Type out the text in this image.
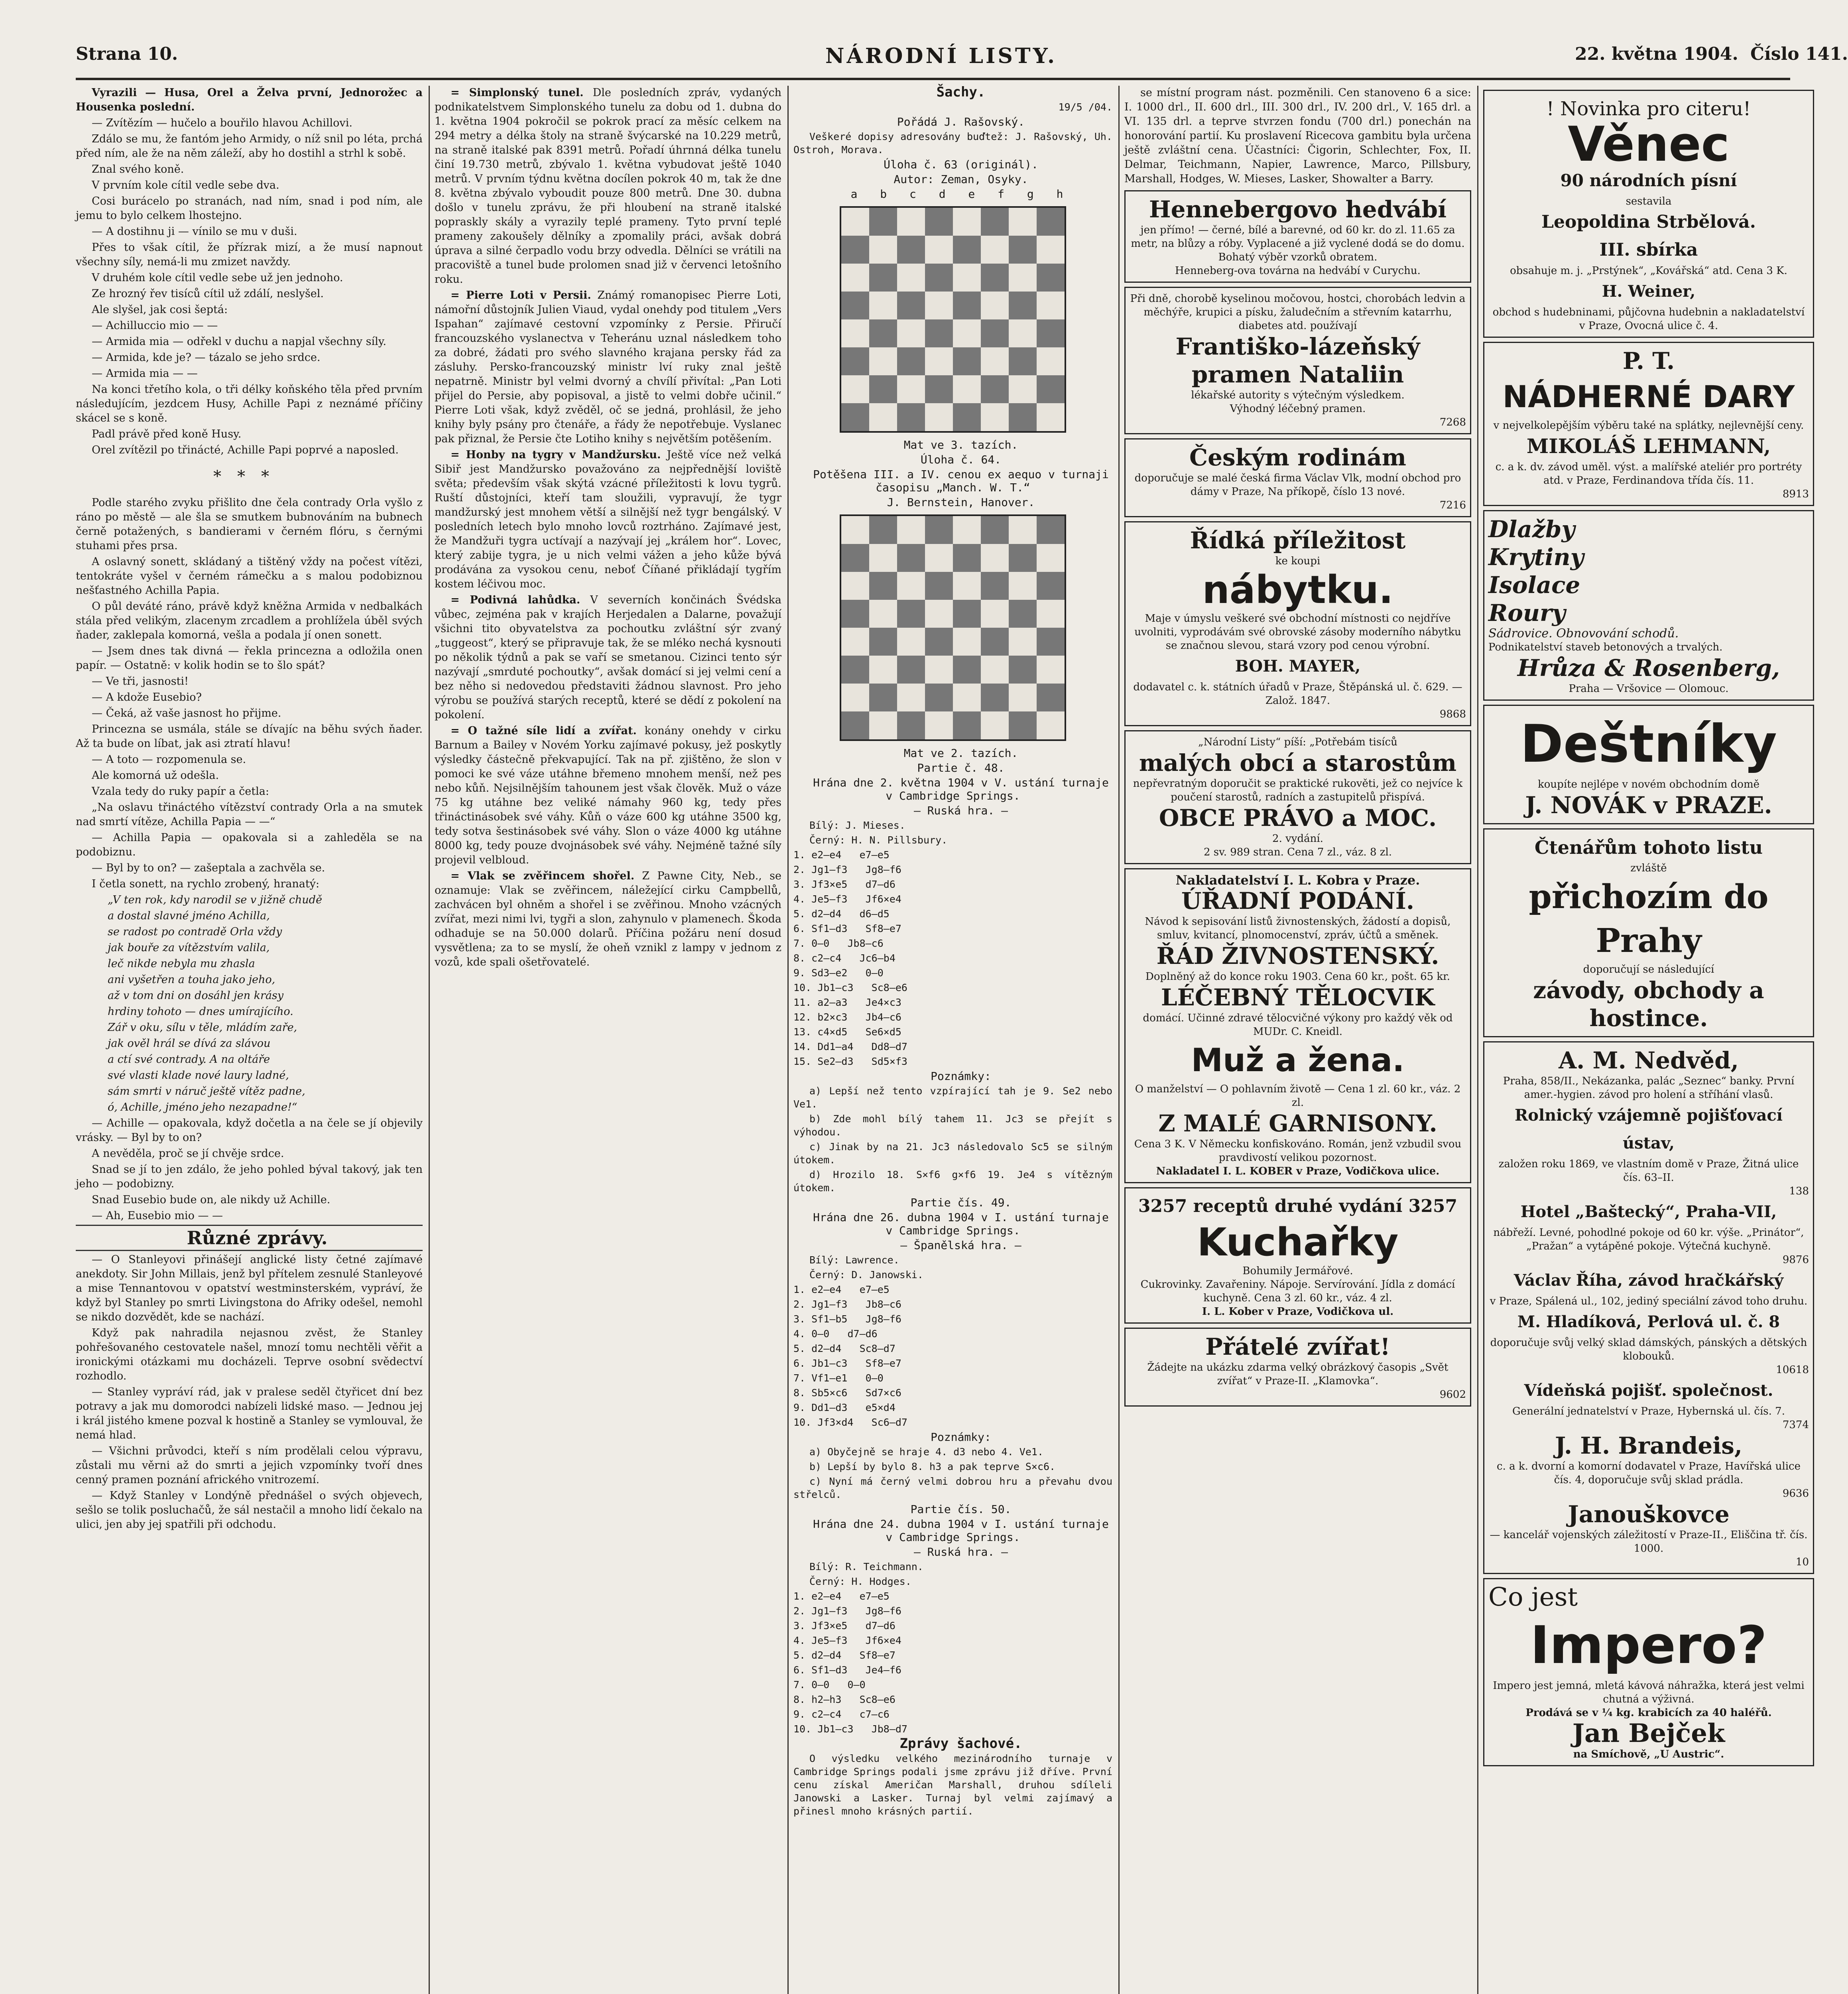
Strana 10.	NÁRODNÍ LISTY.	22. května 1904. Číslo 141.

Vyrazili — Husa, Orel a Želva první, Jednorožec a Housenka poslední.

— Zvítězím — hučelo a bouřilo hlavou Achillovi.

Zdálo se mu, že fantóm jeho Armidy, o níž snil po léta, prchá před ním, ale že na něm záleží, aby ho dostihl a strhl k sobě.

Znal svého koně.

V prvním kole cítil vedle sebe dva.

Cosi burácelo po stranách, nad ním, snad i pod ním, ale jemu to bylo celkem lhostejno.

— A dostihnu ji — vínilo se mu v duši.

Přes to však cítil, že přízrak mizí, a že musí napnout všechny síly, nemá-li mu zmizet navždy.

V druhém kole cítil vedle sebe už jen jednoho.

Ze hrozný řev tisíců cítil už zdálí, neslyšel.

Ale slyšel, jak cosi šeptá:

— Achilluccio mio — —

— Armida mia — odřekl v duchu a napjal všechny síly.

— Armida, kde je? — tázalo se jeho srdce.

— Armida mia — —

Na konci třetího kola, o tři délky koňského těla před prvním následujícím, jezdcem Husy, Achille Papi z neznámé příčiny skácel se s koně.

Padl právě před koně Husy.

Orel zvítězil po třinácté, Achille Papi poprvé a naposled.

***

Podle starého zvyku přišlito dne čela contrady Orla vyšlo z ráno po městě — ale šla se smutkem bubnováním na bubnech černě potažených, s bandierami v černém flóru, s černými stuhami přes prsa.

A oslavný sonett, skládaný a tištěný vždy na počest vítězi, tentokráte vyšel v černém rámečku a s malou podobiznou nešťastného Achilla Papia.

O půl deváté ráno, právě když kněžna Armida v nedbalkách stála před velikým, zlacenym zrcadlem a prohlížela úběl svých ňader, zaklepala komorná, vešla a podala jí onen sonett.

— Jsem dnes tak divná — řekla princezna a odložila onen papír. — Ostatně: v kolik hodin se to šlo spát?

— Ve tři, jasnosti!

— A kdože Eusebio?

— Čeká, až vaše jasnost ho přijme.

Princezna se usmála, stále se dívajíc na běhu svých ňader. Až ta bude on líbat, jak asi ztratí hlavu!

— A toto — rozpomenula se.

Ale komorná už odešla.

Vzala tedy do ruky papír a četla:

„Na oslavu třináctého vítězství contrady Orla a na smutek nad smrtí vítěze, Achilla Papia — —“

— Achilla Papia — opakovala si a zahleděla se na podobiznu.

— Byl by to on? — zašeptala a zachvěla se.

I četla sonett, na rychlo zrobený, hranatý:

„V ten rok, kdy narodil se v jižně chudě

a dostal slavné jméno Achilla,

se radost po contradě Orla vždy

jak bouře za vítězstvím valila,

leč nikde nebyla mu zhasla

ani vyšetřen a touha jako jeho,

až v tom dni on dosáhl jen krásy

hrdiny tohoto — dnes umírajícího.

Zář v oku, sílu v těle, mládím zaře,

jak ověl hrál se dívá za slávou

a ctí své contrady. A na oltáře

své vlasti klade nové laury ladné,

sám smrti v náruč ještě vítěz padne,

ó, Achille, jméno jeho nezapadne!“

— Achille — opakovala, když dočetla a na čele se jí objevily vrásky. — Byl by to on?

A nevěděla, proč se jí chvěje srdce.

Snad se jí to jen zdálo, že jeho pohled býval takový, jak ten jeho — podobizny.

Snad Eusebio bude on, ale nikdy už Achille.

— Ah, Eusebio mio — —

Různé zprávy.

— O Stanleyovi přinášejí anglické listy četné zajímavé anekdoty. Sir John Millais, jenž byl přítelem zesnulé Stanleyové a mise Tennantovou v opatství westminsterském, vypráví, že když byl Stanley po smrti Livingstona do Afriky odešel, nemohl se nikdo dozvědět, kde se nachází.

Když pak nahradila nejasnou zvěst, že Stanley pohřešovaného cestovatele našel, mnozí tomu nechtěli věřit a ironickými otázkami mu docházeli. Teprve osobní svědectví rozhodlo.

— Stanley vypráví rád, jak v pralese seděl čtyřicet dní bez potravy a jak mu domorodci nabízeli lidské maso. — Jednou jej i král jistého kmene pozval k hostině a Stanley se vymlouval, že nemá hlad.

— Všichni průvodci, kteří s ním prodělali celou výpravu, zůstali mu věrni až do smrti a jejich vzpomínky tvoří dnes cenný pramen poznání afrického vnitrozemí.

— Když Stanley v Londýně přednášel o svých objevech, sešlo se tolik posluchačů, že sál nestačil a mnoho lidí čekalo na ulici, jen aby jej spatřili při odchodu.

= Simplonský tunel. Dle posledních zpráv, vydaných podnikatelstvem Simplonského tunelu za dobu od 1. dubna do 1. května 1904 pokročil se pokrok prací za měsíc celkem na 294 metry a délka štoly na straně švýcarské na 10.229 metrů, na straně italské pak 8391 metrů. Pořadí úhrnná délka tunelu činí 19.730 metrů, zbývalo 1. května vybudovat ještě 1040 metrů. V prvním týdnu května docílen pokrok 40 m, tak že dne 8. května zbývalo vyboudit pouze 800 metrů. Dne 30. dubna došlo v tunelu zprávu, že při hloubení na straně italské popraskly skály a vyrazily teplé prameny. Tyto první teplé prameny zakoušely dělníky a zpomalily práci, avšak dobrá úprava a silné čerpadlo vodu brzy odvedla. Dělníci se vrátili na pracoviště a tunel bude prolomen snad již v červenci letošního roku.

= Pierre Loti v Persii. Známý romanopisec Pierre Loti, námořní důstojník Julien Viaud, vydal onehdy pod titulem „Vers Ispahan“ zajímavé cestovní vzpomínky z Persie. Přiručí francouzského vyslanectva v Teheránu uznal následkem toho za dobré, žádati pro svého slavného krajana persky řád za zásluhy. Persko-francouzský ministr lví ruky znal ještě nepatrně. Ministr byl velmi dvorný a chvílí přivítal: „Pan Loti přijel do Persie, aby popisoval, a jistě to velmi dobře učinil.“ Pierre Loti však, když zvěděl, oč se jedná, prohlásil, že jeho knihy byly psány pro čtenáře, a řády že nepotřebuje. Vyslanec pak přiznal, že Persie čte Lotiho knihy s největším potěšením.

= Honby na tygry v Mandžursku. Ještě více než velká Sibiř jest Mandžursko považováno za nejpřednější loviště světa; především však skýtá vzácné příležitosti k lovu tygrů. Ruští důstojníci, kteří tam sloužili, vypravují, že tygr mandžurský jest mnohem větší a silnější než tygr bengálský. V posledních letech bylo mnoho lovců roztrháno. Zajímavé jest, že Mandžuři tygra uctívají a nazývají jej „králem hor“. Lovec, který zabije tygra, je u nich velmi vážen a jeho kůže bývá prodávána za vysokou cenu, neboť Číňané přikládají tygřím kostem léčivou moc.

= Podivná lahůdka. V severních končinách Švédska vůbec, zejména pak v krajích Herjedalen a Dalarne, považují všichni tito obyvatelstva za pochoutku zvláštní sýr zvaný „tuggeost“, který se připravuje tak, že se mléko nechá kysnouti po několik týdnů a pak se vaří se smetanou. Cizinci tento sýr nazývají „smrduté pochoutky“, avšak domácí si jej velmi cení a bez něho si nedovedou představiti žádnou slavnost. Pro jeho výrobu se používá starých receptů, které se dědí z pokolení na pokolení.

= O tažné síle lidí a zvířat. konány onehdy v cirku Barnum a Bailey v Novém Yorku zajímavé pokusy, jež poskytly výsledky částečně překvapující. Tak na př. zjištěno, že slon v pomoci ke své váze utáhne břemeno mnohem menší, než pes nebo kůň. Nejsilnějším tahounem jest však člověk. Muž o váze 75 kg utáhne bez veliké námahy 960 kg, tedy přes třináctinásobek své váhy. Kůň o váze 600 kg utáhne 3500 kg, tedy sotva šestinásobek své váhy. Slon o váze 4000 kg utáhne 8000 kg, tedy pouze dvojnásobek své váhy. Nejméně tažné síly projevil velbloud.

= Vlak se zvěřincem shořel. Z Pawne City, Neb., se oznamuje: Vlak se zvěřincem, náležející cirku Campbellů, zachvácen byl ohněm a shořel i se zvěřinou. Mnoho vzácných zvířat, mezi nimi lvi, tygři a slon, zahynulo v plamenech. Škoda odhaduje se na 50.000 dolarů. Příčina požáru není dosud vysvětlena; za to se myslí, že oheň vznikl z lampy v jednom z vozů, kde spali ošetřovatelé.

Šachy.

19/5 /04.

Pořádá J. Rašovský.

Veškeré dopisy adresovány buďtež: J. Rašovský, Uh. Ostroh, Morava.

Úloha č. 63 (originál).

Autor: Zeman, Osyky.

a b c d e f g h

Mat ve 3. tazích.

Úloha č. 64.

Potěšena III. a IV. cenou ex aequo v turnaji časopisu „Manch. W. T.“

J. Bernstein, Hanover.

Mat ve 2. tazích.

Partie č. 48.

Hrána dne 2. května 1904 v V. ustání turnaje v Cambridge Springs.

— Ruská hra. —

Bílý: J. Mieses.

Černý: H. N. Pillsbury.

1. e2—e4   e7—e5

2. Jg1—f3   Jg8—f6

3. Jf3×e5   d7—d6

4. Je5—f3   Jf6×e4

5. d2—d4   d6—d5

6. Sf1—d3   Sf8—e7

7. 0—0   Jb8—c6

8. c2—c4   Jc6—b4

9. Sd3—e2   0—0

10. Jb1—c3   Sc8—e6

11. a2—a3   Je4×c3

12. b2×c3   Jb4—c6

13. c4×d5   Se6×d5

14. Dd1—a4   Dd8—d7

15. Se2—d3   Sd5×f3

Poznámky:

a) Lepší než tento vzpírající tah je 9. Se2 nebo Ve1.

b) Zde mohl bílý tahem 11. Jc3 se přejít s výhodou.

c) Jinak by na 21. Jc3 následovalo Sc5 se silným útokem.

d) Hrozilo 18. S×f6 g×f6 19. Je4 s vítězným útokem.

Partie čís. 49.

Hrána dne 26. dubna 1904 v I. ustání turnaje v Cambridge Springs.

— Španělská hra. —

Bílý: Lawrence.

Černý: D. Janowski.

1. e2—e4   e7—e5

2. Jg1—f3   Jb8—c6

3. Sf1—b5   Jg8—f6

4. 0—0   d7—d6

5. d2—d4   Sc8—d7

6. Jb1—c3   Sf8—e7

7. Vf1—e1   0—0

8. Sb5×c6   Sd7×c6

9. Dd1—d3   e5×d4

10. Jf3×d4   Sc6—d7

Poznámky:

a) Obyčejně se hraje 4. d3 nebo 4. Ve1.

b) Lepší by bylo 8. h3 a pak teprve S×c6.

c) Nyní má černý velmi dobrou hru a převahu dvou střelců.

Partie čís. 50.

Hrána dne 24. dubna 1904 v I. ustání turnaje v Cambridge Springs.

— Ruská hra. —

Bílý: R. Teichmann.

Černý: H. Hodges.

1. e2—e4   e7—e5

2. Jg1—f3   Jg8—f6

3. Jf3×e5   d7—d6

4. Je5—f3   Jf6×e4

5. d2—d4   Sf8—e7

6. Sf1—d3   Je4—f6

7. 0—0   0—0

8. h2—h3   Sc8—e6

9. c2—c4   c7—c6

10. Jb1—c3   Jb8—d7

Zprávy šachové.

O výsledku velkého mezinárodního turnaje v Cambridge Springs podali jsme zprávu již dříve. První cenu získal Američan Marshall, druhou sdíleli Janowski a Lasker. Turnaj byl velmi zajímavý a přinesl mnoho krásných partií.

se místní program nást. pozměnili. Cen stanoveno 6 a sice: I. 1000 drl., II. 600 drl., III. 300 drl., IV. 200 drl., V. 165 drl. a VI. 135 drl. a teprve stvrzen fondu (700 drl.) ponechán na honorování partií. Ku proslavení Ricecova gambitu byla určena ještě zvláštní cena. Účastníci: Čigorin, Schlechter, Fox, II. Delmar, Teichmann, Napier, Lawrence, Marco, Pillsbury, Marshall, Hodges, W. Mieses, Lasker, Showalter a Barry.

Hennebergovo hedvábí
jen přímo! — černé, bílé a barevné, od 60 kr. do zl. 11.65 za metr, na blůzy a róby. Vyplacené a již vyclené dodá se do domu. Bohatý výběr vzorků obratem.
Henneberg-ova továrna na hedvábí v Curychu.
Při dně, chorobě kyselinou močovou, hostci, chorobách ledvin a měchýře, krupici a písku, žaludečním a střevním katarrhu, diabetes atd. používají
Františko-lázeňský pramen Nataliin
lékařské autority s výtečným výsledkem.
Výhodný léčebný pramen.
7268
Českým rodinám
doporučuje se malé česká firma Václav Vlk, modní obchod pro dámy v Praze, Na příkopě, číslo 13 nové.
7216
Řídká příležitost
ke koupi
nábytku.
Maje v úmyslu veškeré své obchodní místnosti co nejdříve uvolniti, vyprodávám své obrovské zásoby moderního nábytku se značnou slevou, stará vzory pod cenou výrobní.
BOH. MAYER,
dodavatel c. k. státních úřadů v Praze, Štěpánská ul. č. 629. — Založ. 1847.
9868
„Národní Listy“ píší: „Potřebám tisíců
malých obcí a starostům
nepřevratným doporučit se praktické rukověti, jež co nejvíce k poučení starostů, radních a zastupitelů přispívá.
OBCE PRÁVO a MOC.
2. vydání.
2 sv. 989 stran. Cena 7 zl., váz. 8 zl.
Nakladatelství I. L. Kobra v Praze.
ÚŘADNÍ PODÁNÍ.
Návod k sepisování listů živnostenských, žádostí a dopisů, smluv, kvitancí, plnomocenství, zpráv, účtů a směnek.
ŘÁD ŽIVNOSTENSKÝ.
Doplněný až do konce roku 1903. Cena 60 kr., pošt. 65 kr.
LÉČEBNÝ TĚLOCVIK
domácí. Učinné zdravé tělocvičné výkony pro každý věk od MUDr. C. Kneidl.
Muž a žena.
O manželství — O pohlavním životě — Cena 1 zl. 60 kr., váz. 2 zl.
Z MALÉ GARNISONY.
Cena 3 K. V Německu konfiskováno. Román, jenž vzbudil svou pravdivostí velikou pozornost.
Nakladatel I. L. KOBER v Praze, Vodičkova ulice.
3257 receptů druhé vydání 3257
Kuchařky
Bohumily Jermářové.
Cukrovinky. Zavařeniny. Nápoje. Servírování. Jídla z domácí kuchyně. Cena 3 zl. 60 kr., váz. 4 zl.
I. L. Kober v Praze, Vodičkova ul.
Přátelé zvířat!
Žádejte na ukázku zdarma velký obrázkový časopis „Svět zvířat“ v Praze-II. „Klamovka“.
9602
! Novinka pro citeru!
Věnec
90 národních písní
sestavila
Leopoldina Strbělová.
III. sbírka
obsahuje m. j. „Prstýnek“, „Kovářská“ atd. Cena 3 K.
H. Weiner,
obchod s hudebninami, půjčovna hudebnin a nakladatelství v Praze, Ovocná ulice č. 4.
P. T.
NÁDHERNÉ DARY
v nejvelkolepějším výběru také na splátky, nejlevnější ceny.
MIKOLÁŠ LEHMANN,
c. a k. dv. závod uměl. výst. a malířské ateliér pro portréty atd. v Praze, Ferdinandova třída čís. 11.
8913
Dlažby
Krytiny
Isolace
Roury
Sádrovice. Obnovování schodů.
Podnikatelství staveb betonových a trvalých.
Hrůza & Rosenberg,
Praha — Vršovice — Olomouc.
Deštníky
koupíte nejlépe v novém obchodním domě
J. NOVÁK v PRAZE.
Čtenářům tohoto listu
zvláště
přichozím do Prahy
doporučují se následující
závody, obchody a hostince.
A. M. Nedvěd,
Praha, 858/II., Nekázanka, palác „Seznec“ banky. První amer.-hygien. závod pro holení a stříhání vlasů.
Rolnický vzájemně pojišťovací ústav,
založen roku 1869, ve vlastním domě v Praze, Žitná ulice čís. 63–II.
138
Hotel „Baštecký“, Praha-VII,
nábřeží. Levné, pohodlné pokoje od 60 kr. výše. „Prinátor“, „Pražan“ a vytápěné pokoje. Výtečná kuchyně.
9876
Václav Říha, závod hračkářský
v Praze, Spálená ul., 102, jediný speciální závod toho druhu.
M. Hladíková, Perlová ul. č. 8
doporučuje svůj velký sklad dámských, pánských a dětských klobouků.
10618
Vídeňská pojišť. společnost.
Generální jednatelství v Praze, Hybernská ul. čís. 7.
7374
J. H. Brandeis,
c. a k. dvorní a komorní dodavatel v Praze, Havířská ulice čís. 4, doporučuje svůj sklad prádla.
9636
Janouškovce
— kancelář vojenských záležitostí v Praze-II., Eliščina tř. čís. 1000.
10
Co jest
Impero?
Impero jest jemná, mletá kávová náhražka, která jest velmi chutná a výživná.
Prodává se v ¼ kg. krabicích za 40 haléřů.
Jan Bejček
na Smíchově, „U Austric“.
